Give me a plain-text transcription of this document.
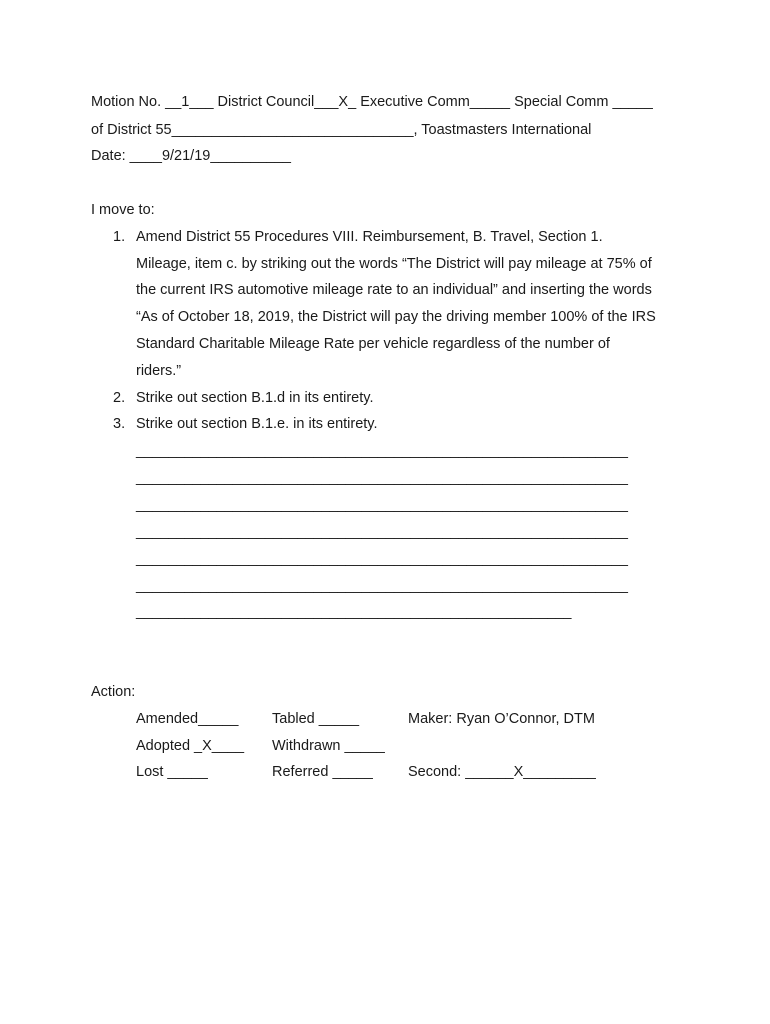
Motion No. __1___ District Council___X_ Executive Comm_____ Special Comm _____
of District 55______________________________, Toastmasters International
Date: ____9/21/19__________
I move to:
1. Amend District 55 Procedures VIII. Reimbursement, B. Travel, Section 1.
Mileage, item c. by striking out the words “The District will pay mileage at 75% of
the current IRS automotive mileage rate to an individual” and inserting the words
“As of October 18, 2019, the District will pay the driving member 100% of the IRS
Standard Charitable Mileage Rate per vehicle regardless of the number of
riders.”
2. Strike out section B.1.d in its entirety.
3. Strike out section B.1.e. in its entirety.
_____________________________________________________________
_____________________________________________________________
_____________________________________________________________
_____________________________________________________________
_____________________________________________________________
_____________________________________________________________
______________________________________________________
Action:
Amended_____ Tabled _____	Maker: Ryan O’Connor, DTM
Adopted _X____ Withdrawn _____
Lost _____	Referred _____ Second: ______X_________
